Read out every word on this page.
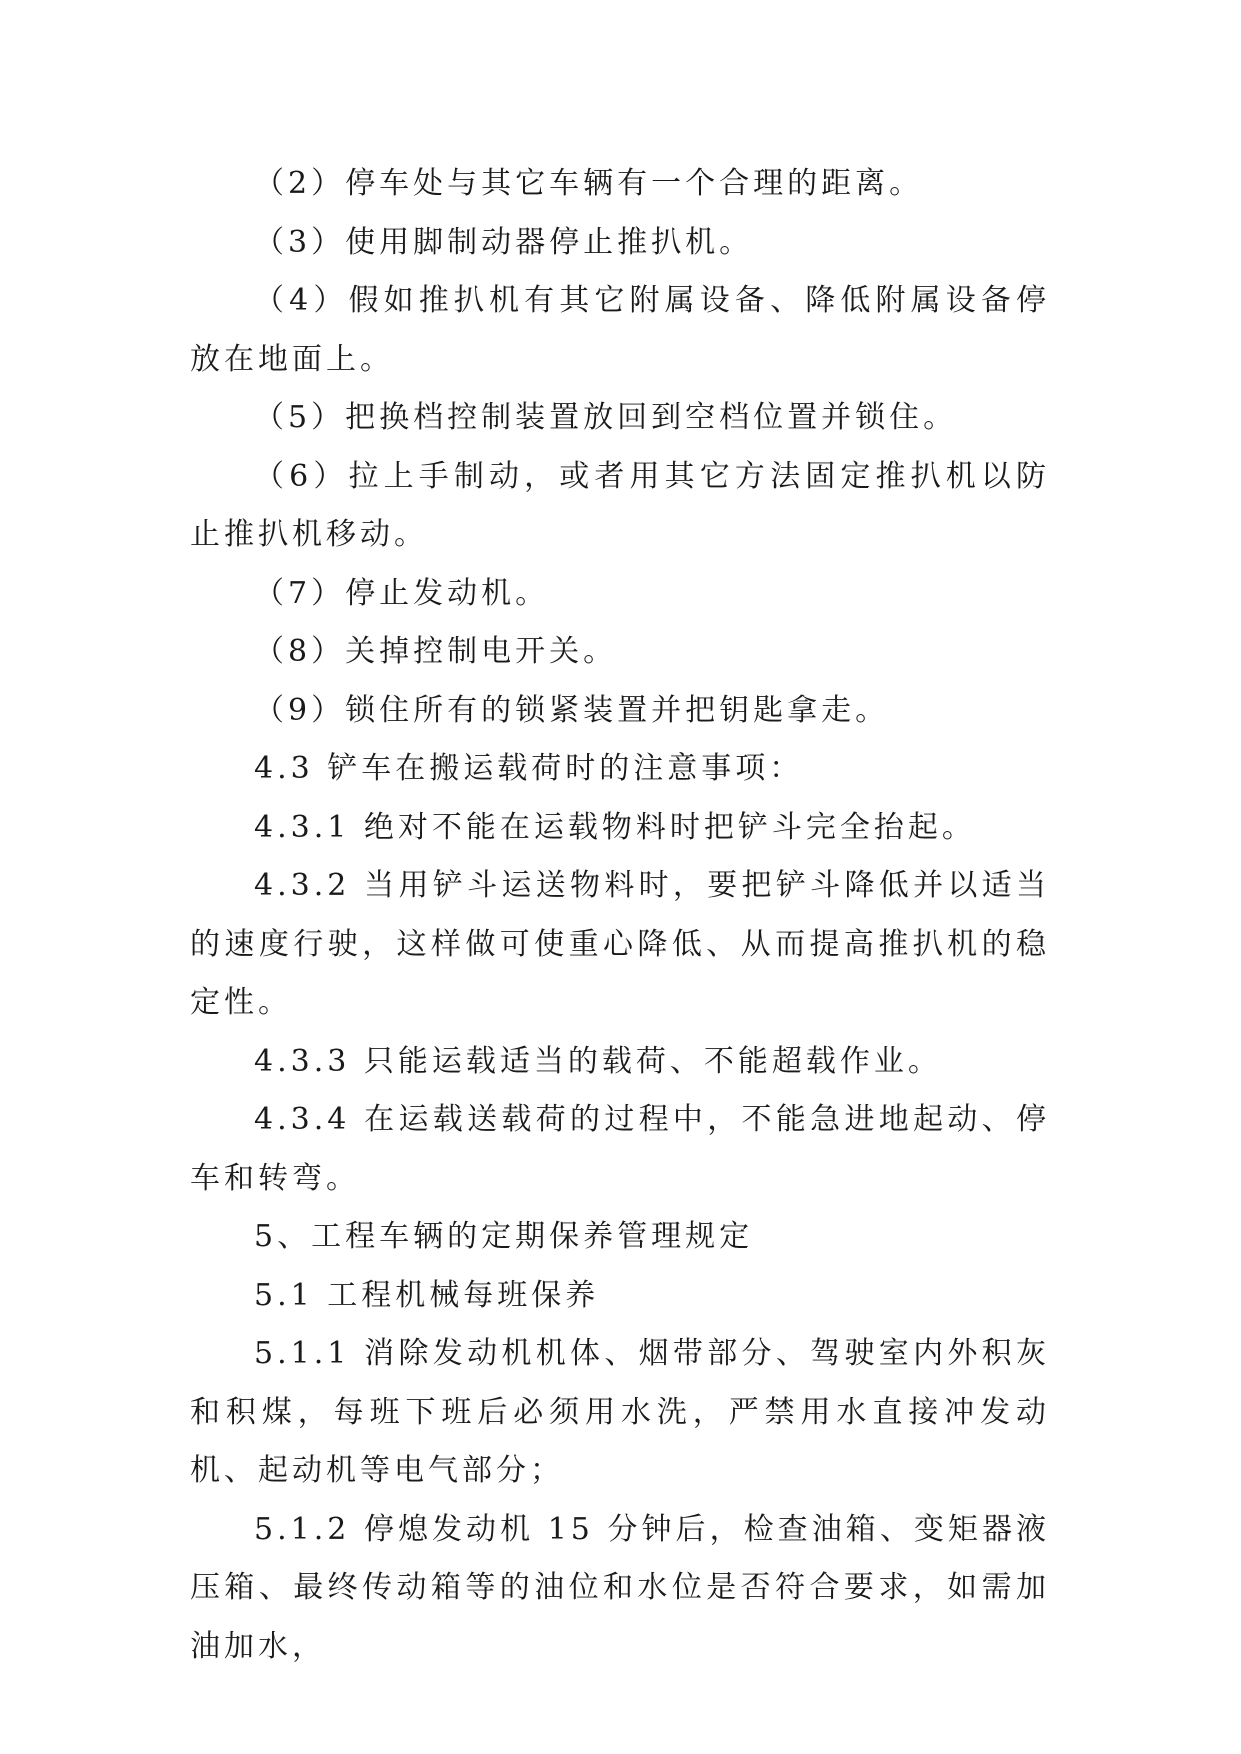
（2）停车处与其它车辆有一个合理的距离。

（3）使用脚制动器停止推扒机。

（4）假如推扒机有其它附属设备、降低附属设备停放在地面上。

（5）把换档控制装置放回到空档位置并锁住。

（6）拉上手制动，或者用其它方法固定推扒机以防止推扒机移动。

（7）停止发动机。

（8）关掉控制电开关。

（9）锁住所有的锁紧装置并把钥匙拿走。

4.3 铲车在搬运载荷时的注意事项：

4.3.1 绝对不能在运载物料时把铲斗完全抬起。

4.3.2 当用铲斗运送物料时，要把铲斗降低并以适当的速度行驶，这样做可使重心降低、从而提高推扒机的稳定性。

4.3.3 只能运载适当的载荷、不能超载作业。

4.3.4 在运载送载荷的过程中，不能急进地起动、停车和转弯。

5、工程车辆的定期保养管理规定

5.1 工程机械每班保养

5.1.1 消除发动机机体、烟带部分、驾驶室内外积灰和积煤，每班下班后必须用水洗，严禁用水直接冲发动机、起动机等电气部分；

5.1.2 停熄发动机 15 分钟后，检查油箱、变矩器液压箱、最终传动箱等的油位和水位是否符合要求，如需加油加水，
